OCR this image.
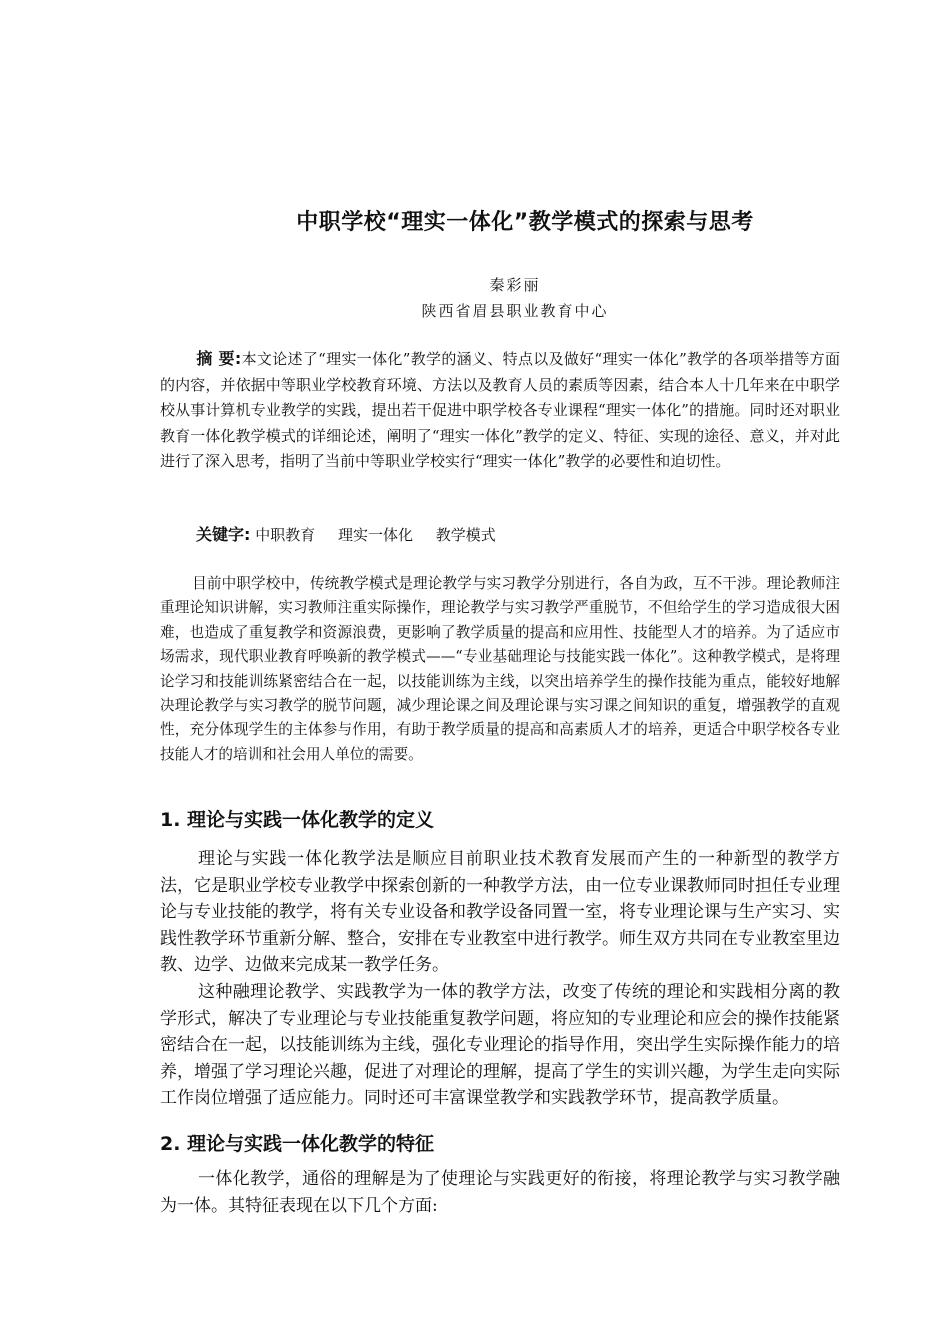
中职学校“理实一体化”教学模式的探索与思考
秦彩丽
陕西省眉县职业教育中心
摘 要:本文论述了“理实一体化”教学的涵义、特点以及做好“理实一体化”教学的各项举措等方面的内容，并依据中等职业学校教育环境、方法以及教育人员的素质等因素，结合本人十几年来在中职学校从事计算机专业教学的实践，提出若干促进中职学校各专业课程“理实一体化”的措施。同时还对职业教育一体化教学模式的详细论述，阐明了“理实一体化”教学的定义、特征、实现的途径、意义，并对此进行了深入思考，指明了当前中等职业学校实行“理实一体化”教学的必要性和迫切性。
关键字: 中职教育 理实一体化 教学模式
目前中职学校中，传统教学模式是理论教学与实习教学分别进行，各自为政，互不干涉。理论教师注重理论知识讲解，实习教师注重实际操作，理论教学与实习教学严重脱节，不但给学生的学习造成很大困难，也造成了重复教学和资源浪费，更影响了教学质量的提高和应用性、技能型人才的培养。为了适应市场需求，现代职业教育呼唤新的教学模式——“专业基础理论与技能实践一体化”。这种教学模式，是将理论学习和技能训练紧密结合在一起，以技能训练为主线，以突出培养学生的操作技能为重点，能较好地解决理论教学与实习教学的脱节问题，减少理论课之间及理论课与实习课之间知识的重复，增强教学的直观性，充分体现学生的主体参与作用，有助于教学质量的提高和高素质人才的培养，更适合中职学校各专业技能人才的培训和社会用人单位的需要。
1. 理论与实践一体化教学的定义

理论与实践一体化教学法是顺应目前职业技术教育发展而产生的一种新型的教学方法，它是职业学校专业教学中探索创新的一种教学方法，由一位专业课教师同时担任专业理论与专业技能的教学，将有关专业设备和教学设备同置一室，将专业理论课与生产实习、实践性教学环节重新分解、整合，安排在专业教室中进行教学。师生双方共同在专业教室里边教、边学、边做来完成某一教学任务。

这种融理论教学、实践教学为一体的教学方法，改变了传统的理论和实践相分离的教学形式，解决了专业理论与专业技能重复教学问题，将应知的专业理论和应会的操作技能紧密结合在一起，以技能训练为主线，强化专业理论的指导作用，突出学生实际操作能力的培养，增强了学习理论兴趣，促进了对理论的理解，提高了学生的实训兴趣，为学生走向实际工作岗位增强了适应能力。同时还可丰富课堂教学和实践教学环节，提高教学质量。

2. 理论与实践一体化教学的特征

一体化教学，通俗的理解是为了使理论与实践更好的衔接，将理论教学与实习教学融为一体。其特征表现在以下几个方面:
